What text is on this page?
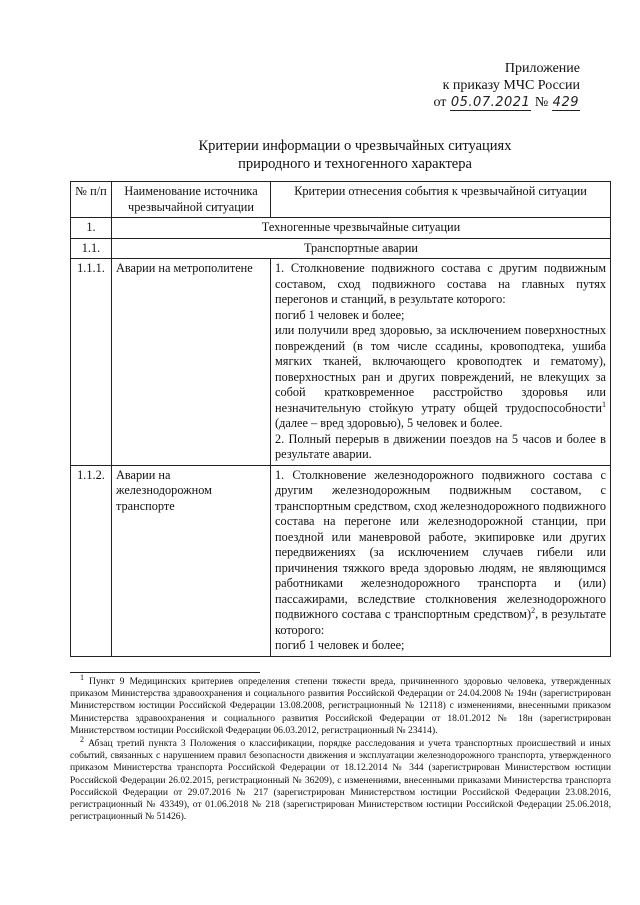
Приложение
к приказу МЧС России
от 05.07.2021 № 429
Критерии информации о чрезвычайных ситуациях
природного и техногенного характера
№ п/п	Наименование источника чрезвычайной ситуации	Критерии отнесения события к чрезвычайной ситуации
1.	Техногенные чрезвычайные ситуации	
1.1.	Транспортные аварии	
1.1.1.	Аварии на метрополитене	1. Столкновение подвижного состава с другим подвижным составом, сход подвижного состава на главных путях перегонов и станций, в результате которого:

погиб 1 человек и более;

или получили вред здоровью, за исключением поверхностных повреждений (в том числе ссадины, кровоподтека, ушиба мягких тканей, включающего кровоподтек и гематому), поверхностных ран и других повреждений, не влекущих за собой кратковременное расстройство здоровья или незначительную стойкую утрату общей трудоспособности$^1$ (далее – вред здоровью), 5 человек и более.

2. Полный перерыв в движении поездов на 5 часов и более в результате аварии.

1.1.2.	Аварии на железнодорожном транспорте	1. Столкновение железнодорожного подвижного состава с другим железнодорожным подвижным составом, с транспортным средством, сход железнодорожного подвижного состава на перегоне или железнодорожной станции, при поездной или маневровой работе, экипировке или других передвижениях (за исключением случаев гибели или причинения тяжкого вреда здоровью людям, не являющимся работниками железнодорожного транспорта и (или) пассажирами, вследствие столкновения железнодорожного подвижного состава с транспортным средством)$^2$, в результате которого:

погиб 1 человек и более;

$^1$ Пункт 9 Медицинских критериев определения степени тяжести вреда, причиненного здоровью человека, утвержденных приказом Министерства здравоохранения и социального развития Российской Федерации от 24.04.2008 № 194н (зарегистрирован Министерством юстиции Российской Федерации 13.08.2008, регистрационный № 12118) с изменениями, внесенными приказом Министерства здравоохранения и социального развития Российской Федерации от 18.01.2012 № 18н (зарегистрирован Министерством юстиции Российской Федерации 06.03.2012, регистрационный № 23414).

$^2$ Абзац третий пункта 3 Положения о классификации, порядке расследования и учета транспортных происшествий и иных событий, связанных с нарушением правил безопасности движения и эксплуатации железнодорожного транспорта, утвержденного приказом Министерства транспорта Российской Федерации от 18.12.2014 № 344 (зарегистрирован Министерством юстиции Российской Федерации 26.02.2015, регистрационный № 36209), с изменениями, внесенными приказами Министерства транспорта Российской Федерации от 29.07.2016 № 217 (зарегистрирован Министерством юстиции Российской Федерации 23.08.2016, регистрационный № 43349), от 01.06.2018 № 218 (зарегистрирован Министерством юстиции Российской Федерации 25.06.2018, регистрационный № 51426).
